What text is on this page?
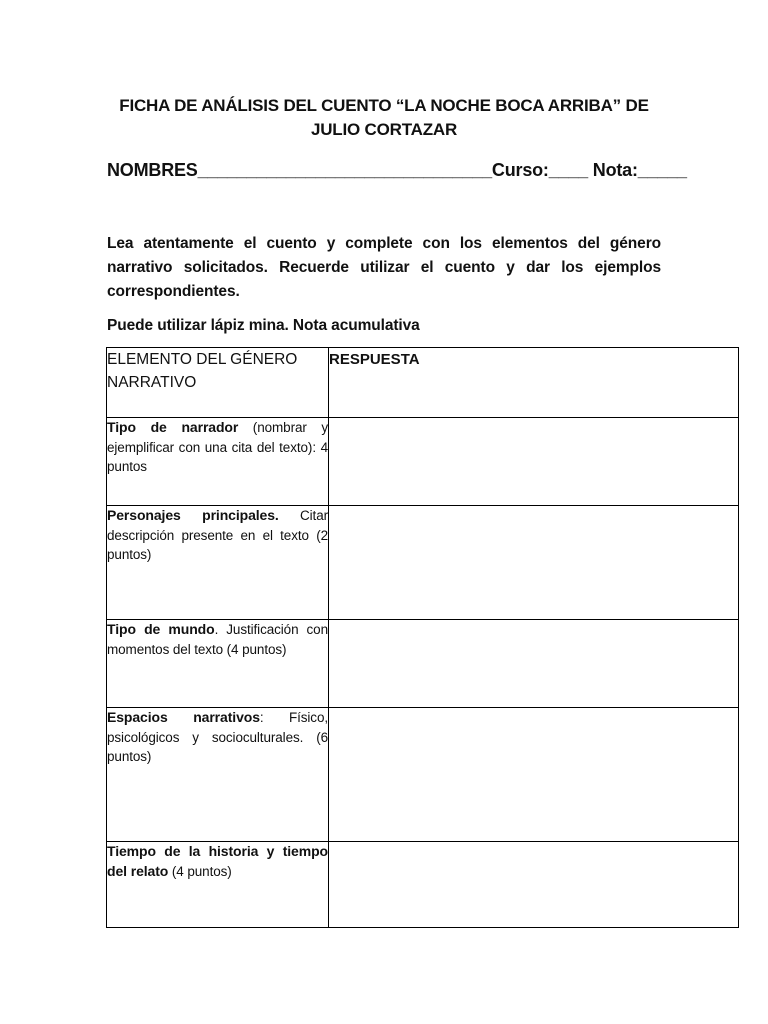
FICHA DE ANÁLISIS DEL CUENTO “LA NOCHE BOCA ARRIBA” DE
JULIO CORTAZAR
NOMBRES______________________________Curso:____ Nota:_____
Lea atentamente el cuento y complete con los elementos del género narrativo solicitados. Recuerde utilizar el cuento y dar los ejemplos correspondientes.
Puede utilizar lápiz mina. Nota acumulativa
ELEMENTO DEL GÉNERO NARRATIVO	RESPUESTA
Tipo de narrador (nombrar y ejemplificar con una cita del texto): 4 puntos	
Personajes principales. Citar descripción presente en el texto (2 puntos)	
Tipo de mundo. Justificación con momentos del texto (4 puntos)	
Espacios narrativos: Físico, psicológicos y socioculturales. (6 puntos)	
Tiempo de la historia y tiempo del relato (4 puntos)	
